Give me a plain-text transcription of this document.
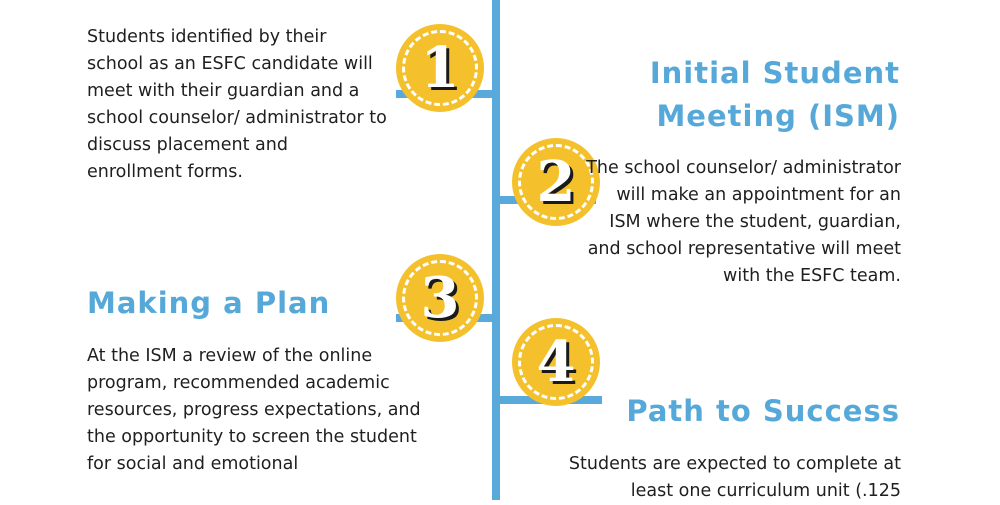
1

Students identified by their school as an ESFC candidate will meet with their guardian and a school counselor/ administrator to discuss placement and enrollment forms.

Initial Student Meeting (ISM)
2 The school counselor/ administrator will make an appointment for an ISM where the student, guardian, and school representative will meet with the ESFC team.

3
Making a Plan

At the ISM a review of the online program, recommended academic resources, progress expectations, and the opportunity to screen the student for social and emotional

4
Path to Success

Students are expected to complete at least one curriculum unit (.125
